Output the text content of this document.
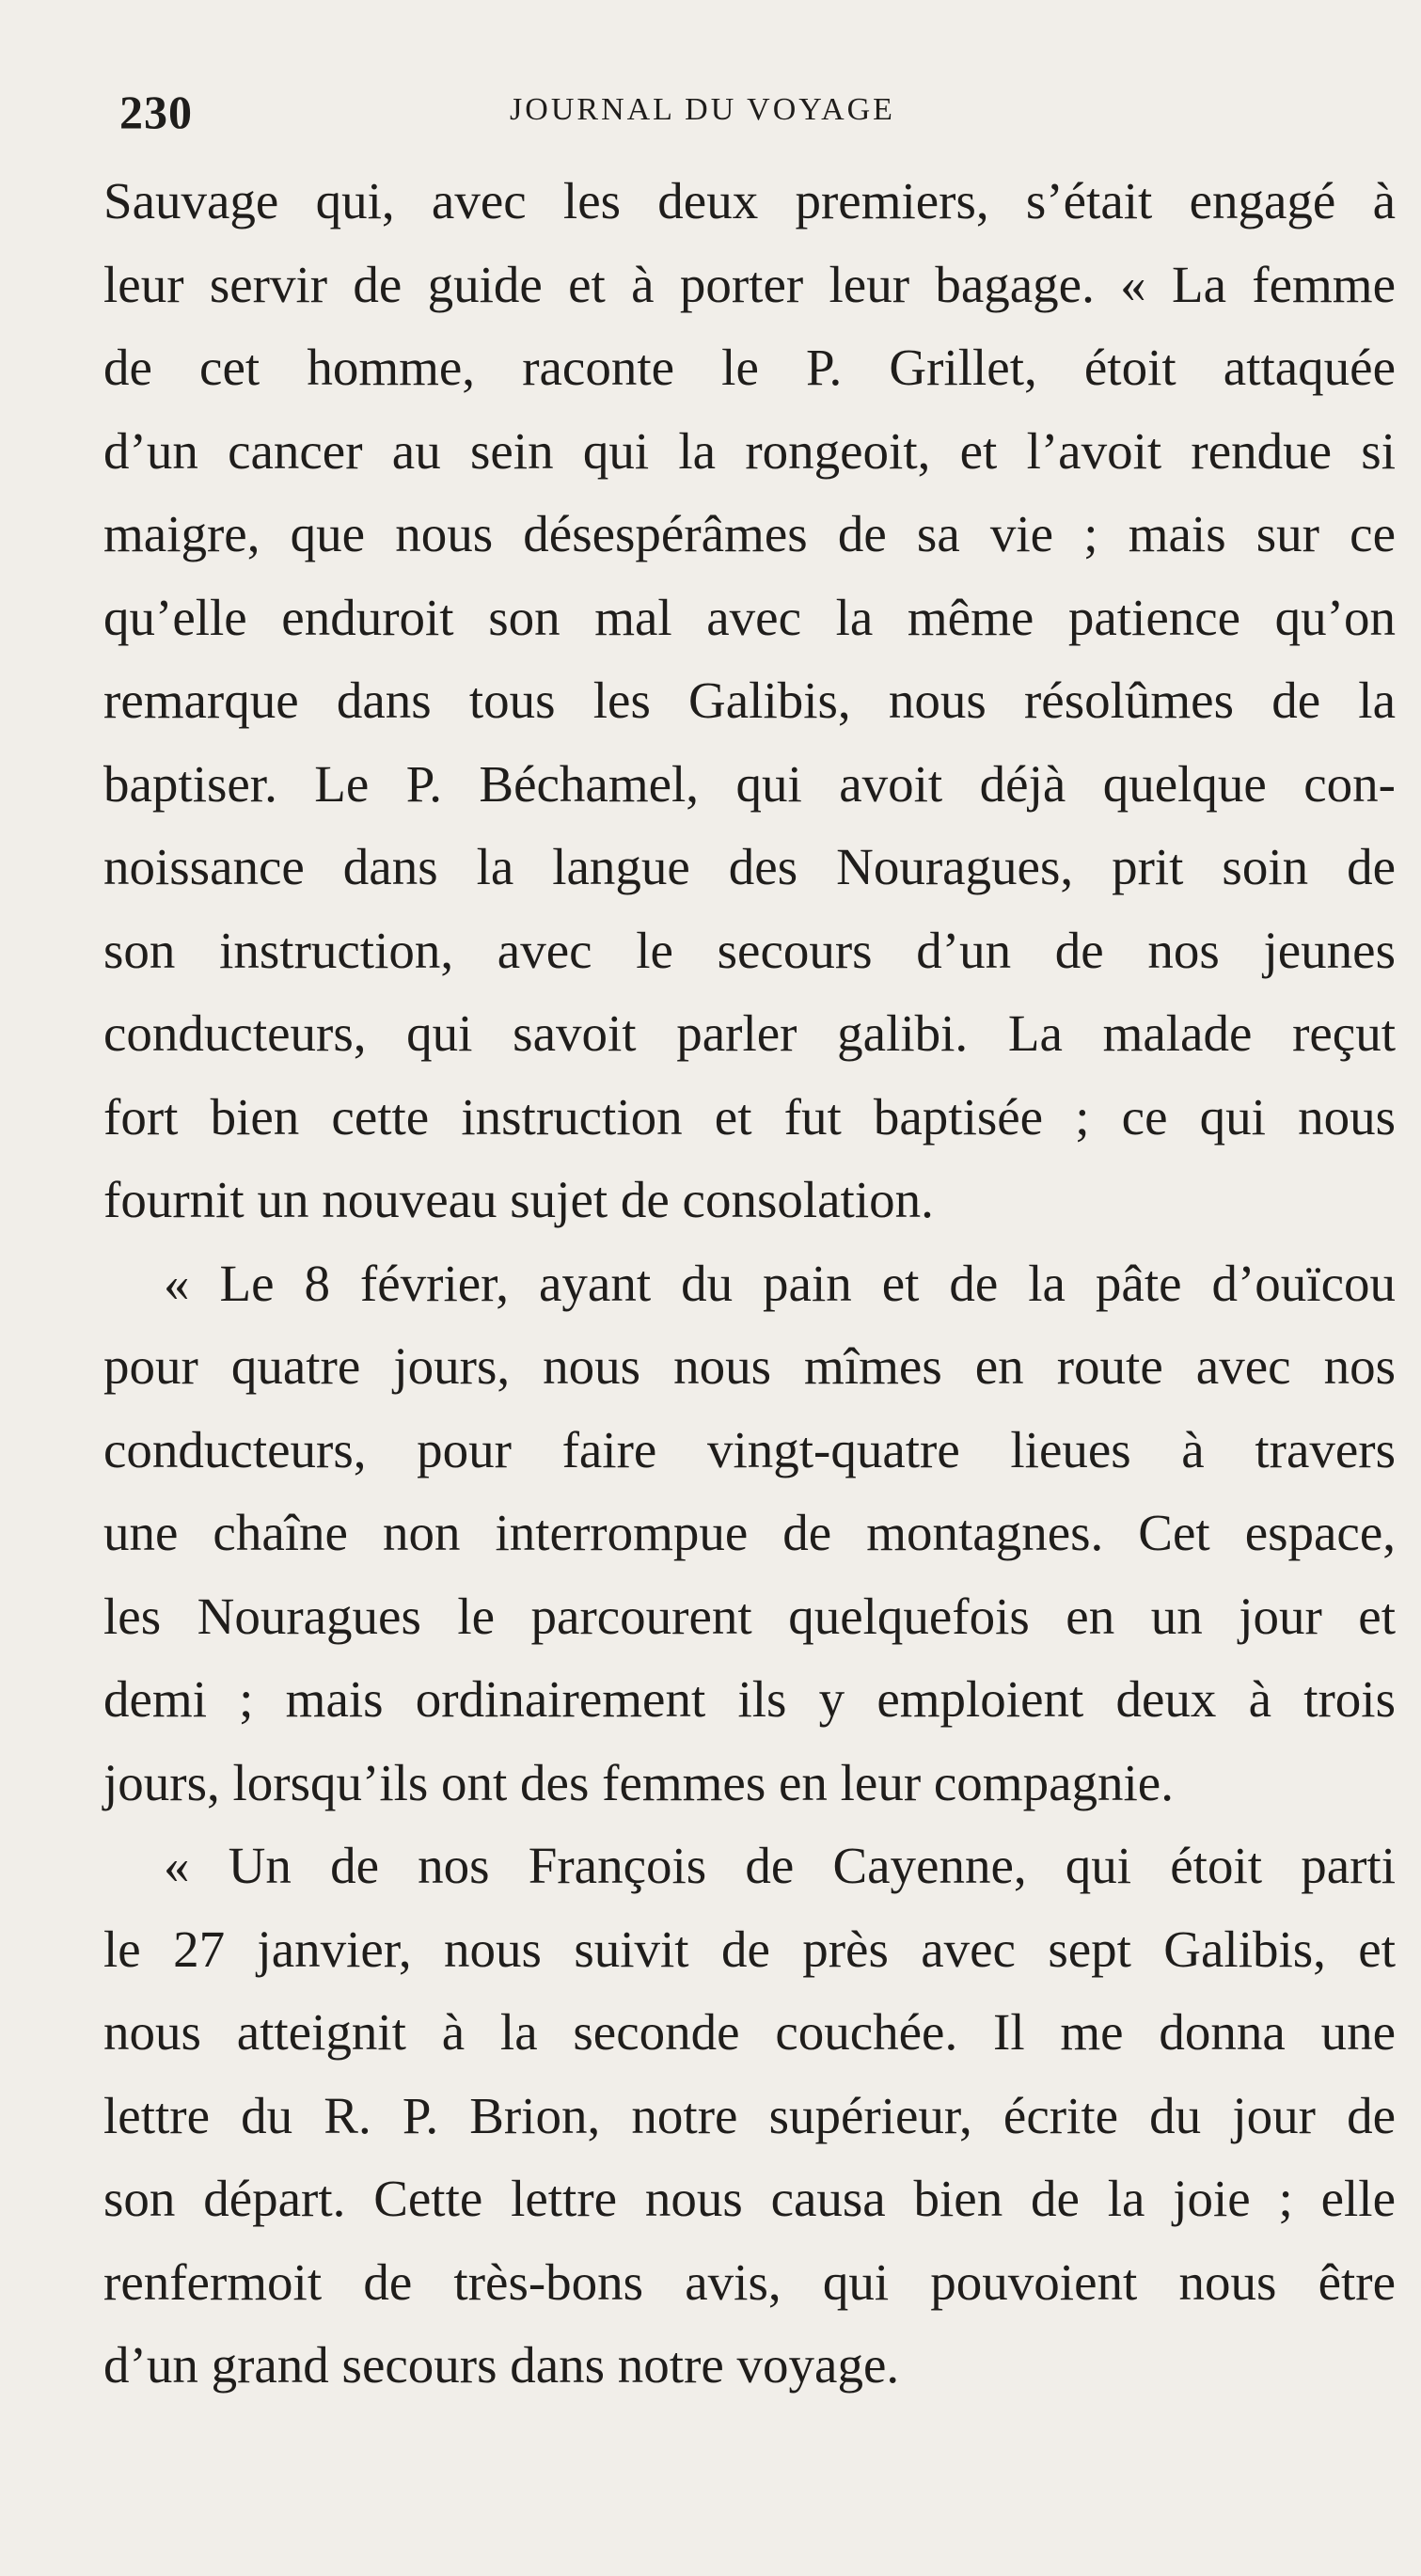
230	JOURNAL DU VOYAGE
Sauvage qui, avec les deux premiers, s’était engagé à
leur servir de guide et à porter leur bagage. « La femme
de cet homme, raconte le P. Grillet, étoit attaquée
d’un cancer au sein qui la rongeoit, et l’avoit rendue si
maigre, que nous désespérâmes de sa vie ; mais sur ce
qu’elle enduroit son mal avec la même patience qu’on
remarque dans tous les Galibis, nous résolûmes de la
baptiser. Le P. Béchamel, qui avoit déjà quelque con-
noissance dans la langue des Nouragues, prit soin de
son instruction, avec le secours d’un de nos jeunes
conducteurs, qui savoit parler galibi. La malade reçut
fort bien cette instruction et fut baptisée ; ce qui nous
fournit un nouveau sujet de consolation.
« Le 8 février, ayant du pain et de la pâte d’ouïcou
pour quatre jours, nous nous mîmes en route avec nos
conducteurs, pour faire vingt-quatre lieues à travers
une chaîne non interrompue de montagnes. Cet espace,
les Nouragues le parcourent quelquefois en un jour et
demi ; mais ordinairement ils y emploient deux à trois
jours, lorsqu’ils ont des femmes en leur compagnie.
« Un de nos François de Cayenne, qui étoit parti
le 27 janvier, nous suivit de près avec sept Galibis, et
nous atteignit à la seconde couchée. Il me donna une
lettre du R. P. Brion, notre supérieur, écrite du jour de
son départ. Cette lettre nous causa bien de la joie ; elle
renfermoit de très-bons avis, qui pouvoient nous être
d’un grand secours dans notre voyage.
